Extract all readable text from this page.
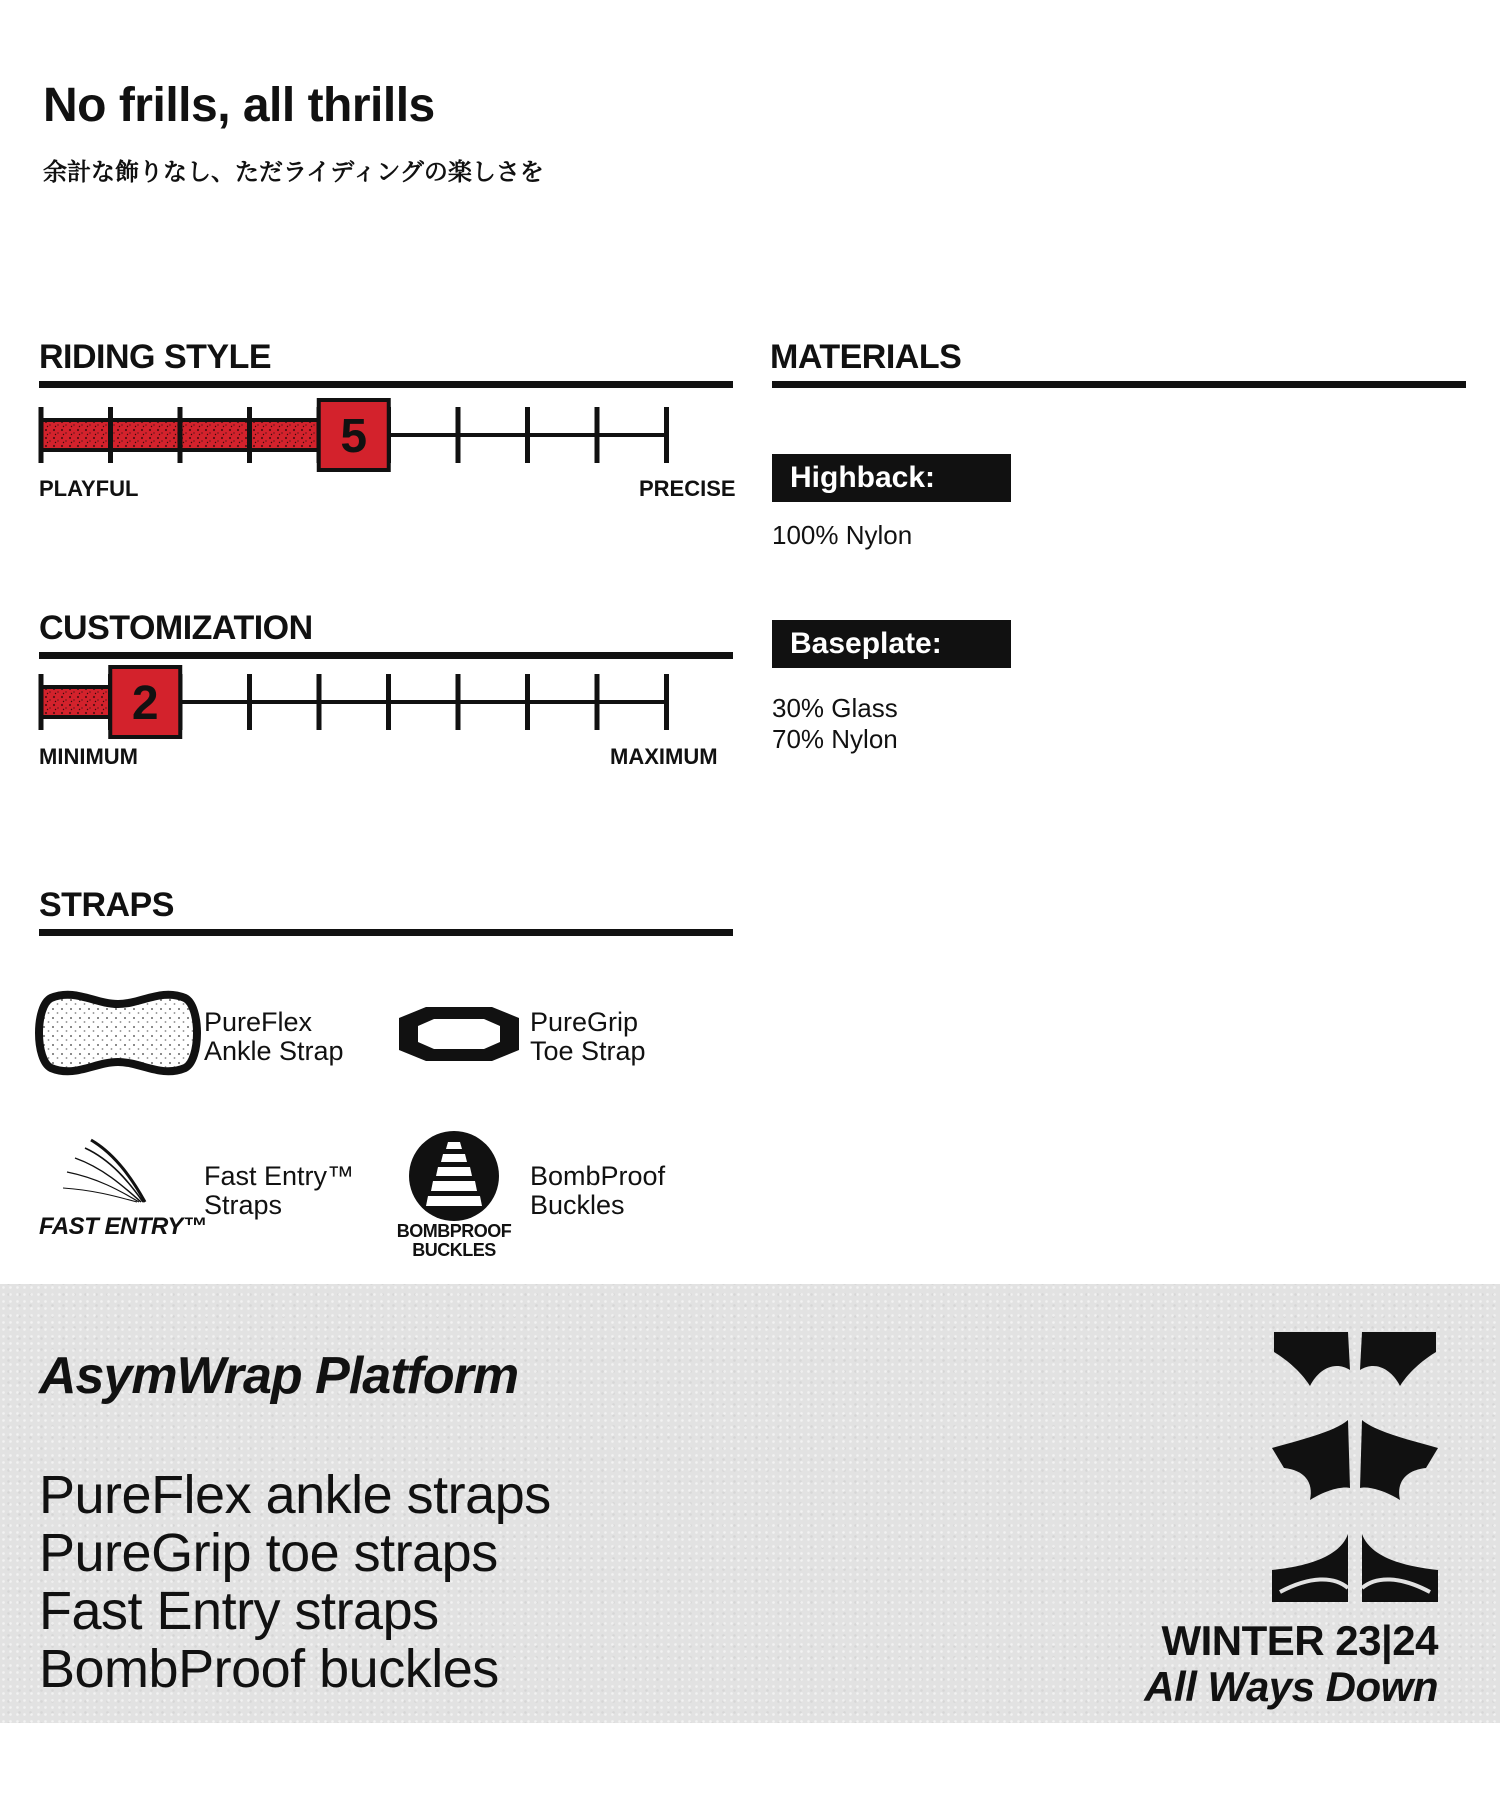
No frills, all thrills
余計な飾りなし、ただライディングの楽しさを
RIDING STYLE
5
PLAYFUL	PRECISE
CUSTOMIZATION
2
MINIMUM	MAXIMUM
MATERIALS
Highback:
100% Nylon
Baseplate:
30% Glass
70% Nylon
STRAPS
PureFlex
Ankle Strap
PureGrip
Toe Strap
FAST ENTRY™
Fast Entry™
Straps
BOMBPROOF
BUCKLES
BombProof
Buckles
AsymWrap Platform
PureFlex ankle straps
PureGrip toe straps
Fast Entry straps
BombProof buckles	WINTER 23|24
All Ways Down
